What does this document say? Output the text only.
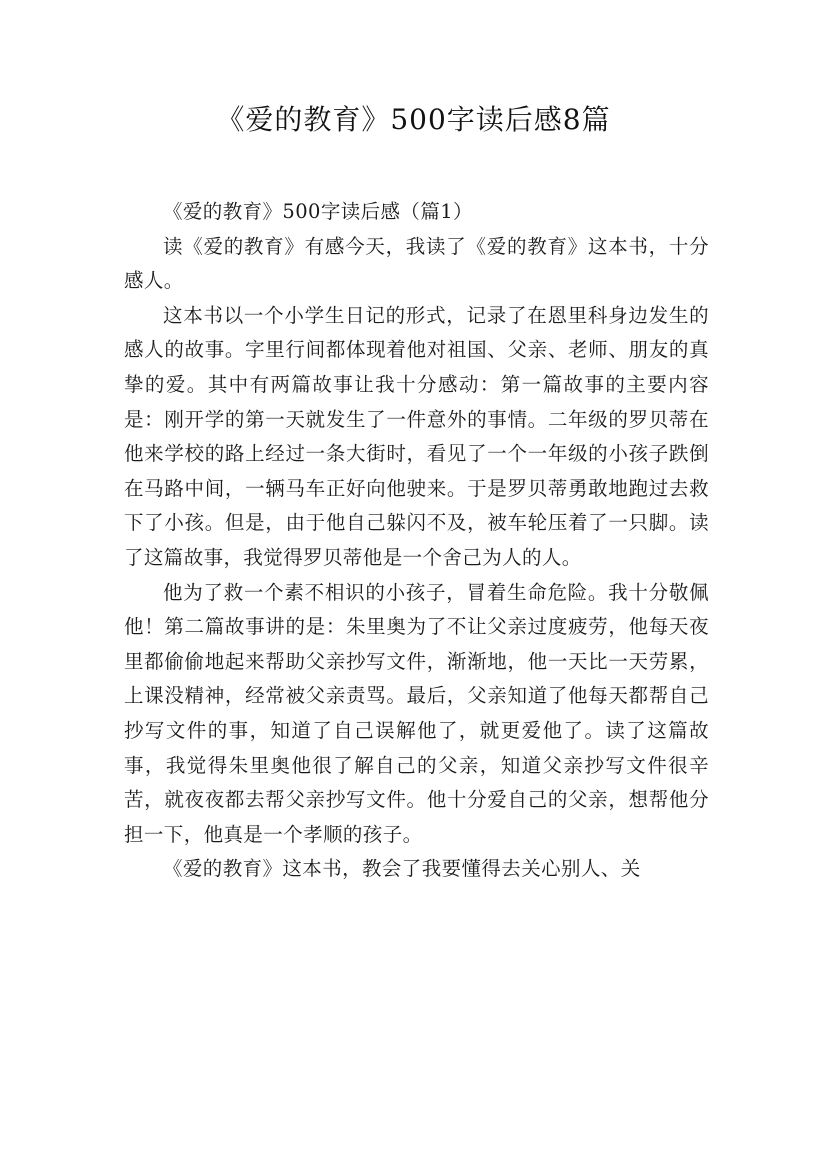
《爱的教育》500字读后感8篇

《爱的教育》500字读后感（篇1）

读《爱的教育》有感今天，我读了《爱的教育》这本书，十分感人。

这本书以一个小学生日记的形式，记录了在恩里科身边发生的感人的故事。字里行间都体现着他对祖国、父亲、老师、朋友的真挚的爱。其中有两篇故事让我十分感动：第一篇故事的主要内容是：刚开学的第一天就发生了一件意外的事情。二年级的罗贝蒂在他来学校的路上经过一条大街时，看见了一个一年级的小孩子跌倒在马路中间，一辆马车正好向他驶来。于是罗贝蒂勇敢地跑过去救下了小孩。但是，由于他自己躲闪不及，被车轮压着了一只脚。读了这篇故事，我觉得罗贝蒂他是一个舍己为人的人。

他为了救一个素不相识的小孩子，冒着生命危险。我十分敬佩他！第二篇故事讲的是：朱里奥为了不让父亲过度疲劳，他每天夜里都偷偷地起来帮助父亲抄写文件，渐渐地，他一天比一天劳累，上课没精神，经常被父亲责骂。最后，父亲知道了他每天都帮自己抄写文件的事，知道了自己误解他了，就更爱他了。读了这篇故事，我觉得朱里奥他很了解自己的父亲，知道父亲抄写文件很辛苦，就夜夜都去帮父亲抄写文件。他十分爱自己的父亲，想帮他分担一下，他真是一个孝顺的孩子。

《爱的教育》这本书，教会了我要懂得去关心别人、关
